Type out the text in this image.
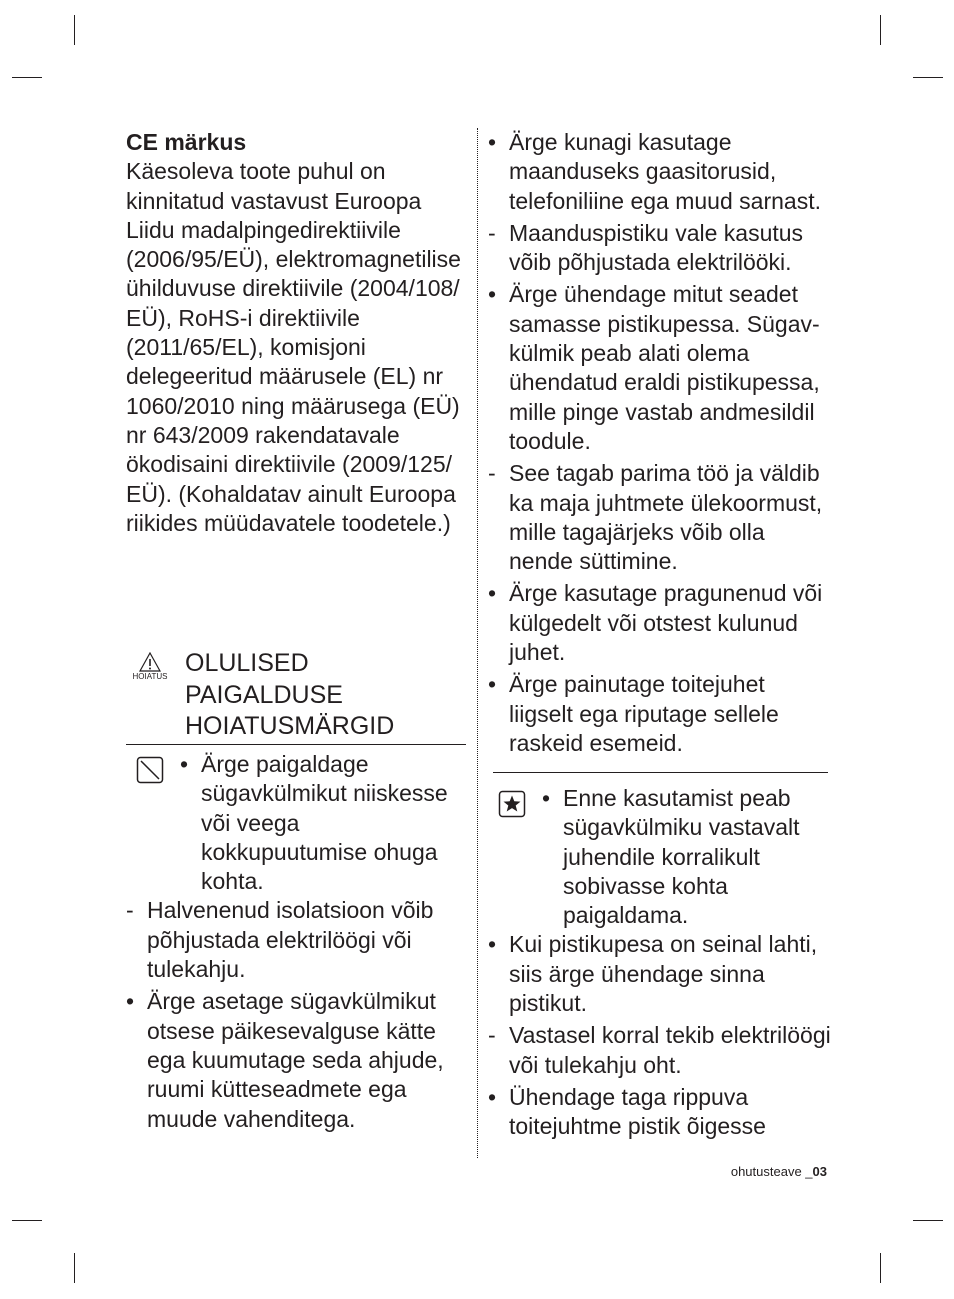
CE märkus

Käesoleva toote puhul on kinnitatud vastavust Euroopa Liidu madalpingedirektiivile (2006/95/EÜ), elektromagnetilise ühilduvuse direktiivile (2004/108/ EÜ), RoHS-i direktiivile (2011/65/EL), komisjoni delegeeritud määrusele (EL) nr 1060/2010 ning määrusega (EÜ) nr 643/2009 rakendatavale ökodisaini direktiivile (2009/125/ EÜ). (Kohaldatav ainult Euroopa riikides müüdavatele toodetele.)

HOIATUS OLULISED
PAIGALDUSE
HOIATUSMÄRGID
• Ärge paigaldage sügavkülmikut niiskesse või veega kokkupuutumise ohuga kohta.
- Halvenenud isolatsioon võib põhjustada elektrilöögi või tulekahju.
• Ärge asetage sügavkülmikut otsese päikesevalguse kätte ega kuumutage seda ahjude, ruumi kütteseadmete ega muude vahenditega.
• Ärge kunagi kasutage maanduseks gaasitorusid, telefoniliine ega muud sarnast.
- Maanduspistiku vale kasutus võib põhjustada elektrilööki.
• Ärge ühendage mitut seadet samasse pistikupessa. Sügav-külmik peab alati olema ühendatud eraldi pistikupessa, mille pinge vastab andmesildil toodule.
- See tagab parima töö ja väldib ka maja juhtmete ülekoormust, mille tagajärjeks võib olla nende süttimine.
• Ärge kasutage pragunenud või külgedelt või otstest kulunud juhet.
• Ärge painutage toitejuhet liigselt ega riputage sellele raskeid esemeid.
• Enne kasutamist peab sügavkülmiku vastavalt juhendile korralikult sobivasse kohta paigaldama.
• Kui pistikupesa on seinal lahti, siis ärge ühendage sinna pistikut.
- Vastasel korral tekib elektrilöögi või tulekahju oht.
• Ühendage taga rippuva toitejuhtme pistik õigesse
ohutusteave _03
